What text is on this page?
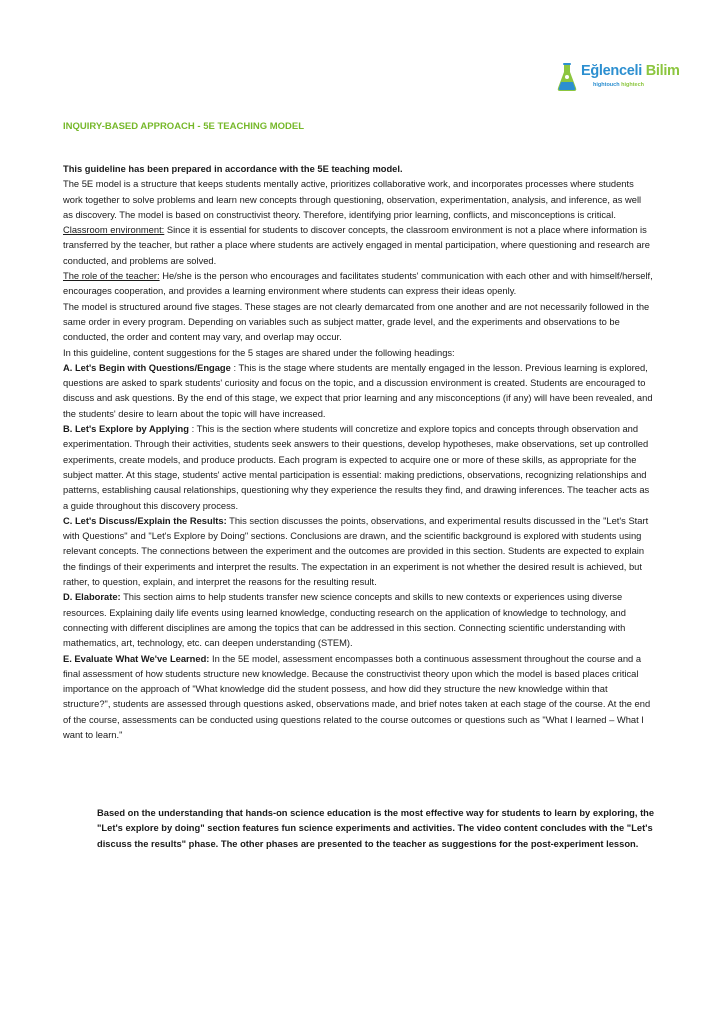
Eğlenceli Bilim
hightouch hightech
INQUIRY-BASED APPROACH - 5E TEACHING MODEL

This guideline has been prepared in accordance with the 5E teaching model.

The 5E model is a structure that keeps students mentally active, prioritizes collaborative work, and incorporates processes where students work together to solve problems and learn new concepts through questioning, observation, experimentation, analysis, and inference, as well as discovery. The model is based on constructivist theory. Therefore, identifying prior learning, conflicts, and misconceptions is critical.

Classroom environment: Since it is essential for students to discover concepts, the classroom environment is not a place where information is transferred by the teacher, but rather a place where students are actively engaged in mental participation, where questioning and research are conducted, and problems are solved.

The role of the teacher: He/she is the person who encourages and facilitates students' communication with each other and with himself/herself, encourages cooperation, and provides a learning environment where students can express their ideas openly.

The model is structured around five stages. These stages are not clearly demarcated from one another and are not necessarily followed in the same order in every program. Depending on variables such as subject matter, grade level, and the experiments and observations to be conducted, the order and content may vary, and overlap may occur.

In this guideline, content suggestions for the 5 stages are shared under the following headings:

A. Let's Begin with Questions/Engage : This is the stage where students are mentally engaged in the lesson. Previous learning is explored, questions are asked to spark students' curiosity and focus on the topic, and a discussion environment is created. Students are encouraged to discuss and ask questions. By the end of this stage, we expect that prior learning and any misconceptions (if any) will have been revealed, and the students' desire to learn about the topic will have increased.

B. Let's Explore by Applying : This is the section where students will concretize and explore topics and concepts through observation and experimentation. Through their activities, students seek answers to their questions, develop hypotheses, make observations, set up controlled experiments, create models, and produce products. Each program is expected to acquire one or more of these skills, as appropriate for the subject matter. At this stage, students' active mental participation is essential: making predictions, observations, recognizing relationships and patterns, establishing causal relationships, questioning why they experience the results they find, and drawing inferences. The teacher acts as a guide throughout this discovery process.

C. Let's Discuss/Explain the Results: This section discusses the points, observations, and experimental results discussed in the "Let's Start with Questions" and "Let's Explore by Doing" sections. Conclusions are drawn, and the scientific background is explored with students using relevant concepts. The connections between the experiment and the outcomes are provided in this section. Students are expected to explain the findings of their experiments and interpret the results. The expectation in an experiment is not whether the desired result is achieved, but rather, to question, explain, and interpret the reasons for the resulting result.

D. Elaborate: This section aims to help students transfer new science concepts and skills to new contexts or experiences using diverse resources. Explaining daily life events using learned knowledge, conducting research on the application of knowledge to technology, and connecting with different disciplines are among the topics that can be addressed in this section. Connecting scientific understanding with mathematics, art, technology, etc. can deepen understanding (STEM).

E. Evaluate What We've Learned: In the 5E model, assessment encompasses both a continuous assessment throughout the course and a final assessment of how students structure new knowledge. Because the constructivist theory upon which the model is based places critical importance on the approach of "What knowledge did the student possess, and how did they structure the new knowledge within that structure?", students are assessed through questions asked, observations made, and brief notes taken at each stage of the course. At the end of the course, assessments can be conducted using questions related to the course outcomes or questions such as "What I learned – What I want to learn."

Based on the understanding that hands-on science education is the most effective way for students to learn by exploring, the "Let's explore by doing" section features fun science experiments and activities. The video content concludes with the "Let's discuss the results" phase. The other phases are presented to the teacher as suggestions for the post-experiment lesson.
